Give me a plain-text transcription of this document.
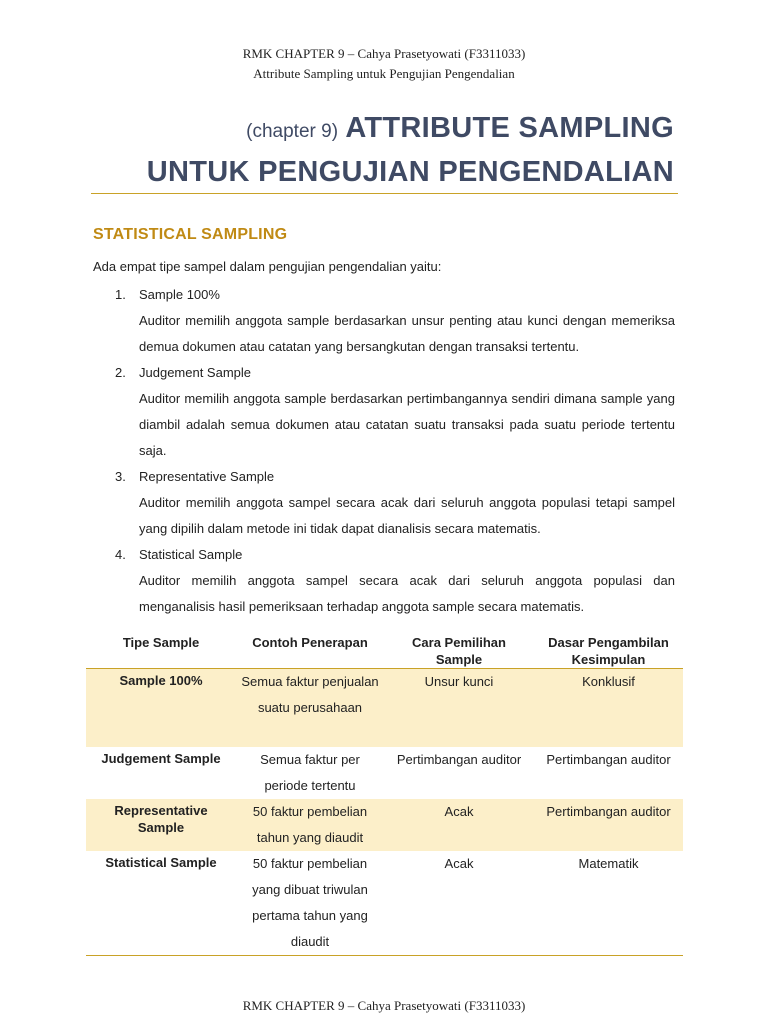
RMK CHAPTER 9 – Cahya Prasetyowati (F3311033)
Attribute Sampling untuk Pengujian Pengendalian
(chapter 9) ATTRIBUTE SAMPLING
UNTUK PENGUJIAN PENGENDALIAN
STATISTICAL SAMPLING
Ada empat tipe sampel dalam pengujian pengendalian yaitu:
1. Sample 100%
Auditor memilih anggota sample berdasarkan unsur penting atau kunci dengan memeriksa demua dokumen atau catatan yang bersangkutan dengan transaksi tertentu.
2. Judgement Sample
Auditor memilih anggota sample berdasarkan pertimbangannya sendiri dimana sample yang diambil adalah semua dokumen atau catatan suatu transaksi pada suatu periode tertentu saja.
3. Representative Sample
Auditor memilih anggota sampel secara acak dari seluruh anggota populasi tetapi sampel yang dipilih dalam metode ini tidak dapat dianalisis secara matematis.
4. Statistical Sample
Auditor memilih anggota sampel secara acak dari seluruh anggota populasi dan menganalisis hasil pemeriksaan terhadap anggota sample secara matematis.
Tipe Sample	Contoh Penerapan	Cara Pemilihan Sample	Dasar Pengambilan Kesimpulan
Sample 100%	Semua faktur penjualan suatu perusahaan	Unsur kunci	Konklusif
Judgement Sample	Semua faktur per periode tertentu	Pertimbangan auditor	Pertimbangan auditor
Representative Sample	50 faktur pembelian tahun yang diaudit	Acak	Pertimbangan auditor
Statistical Sample	50 faktur pembelian yang dibuat triwulan pertama tahun yang diaudit	Acak	Matematik
RMK CHAPTER 9 – Cahya Prasetyowati (F3311033)
